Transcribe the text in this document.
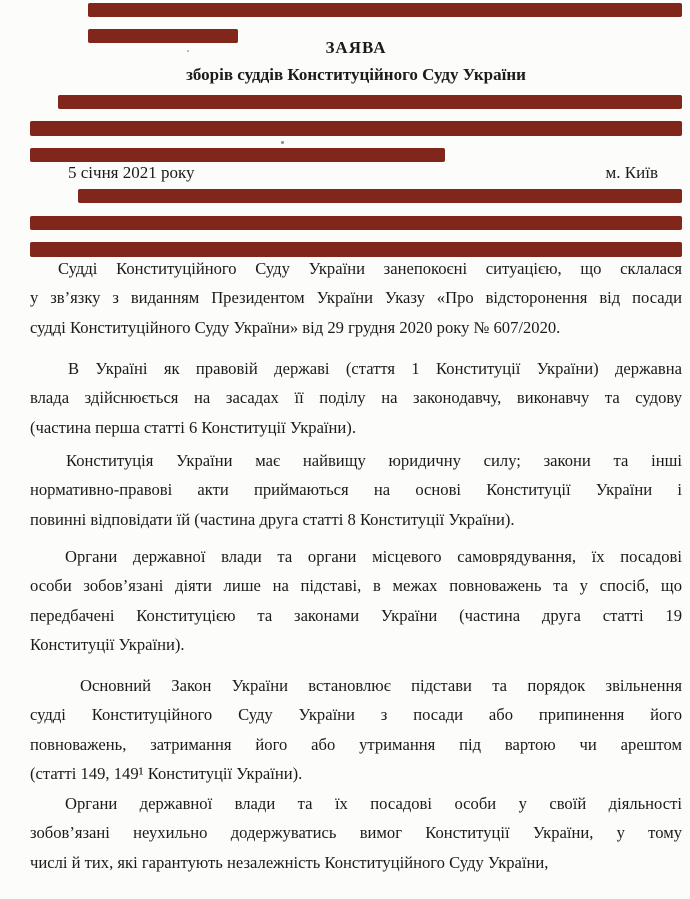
ЗАЯВА
зборів суддів Конституційного Суду України
5 січня 2021 року	м. Київ
Судді Конституційного Суду України занепокоєні ситуацією, що склалася
у зв’язку з виданням Президентом України Указу «Про відсторонення від посади
судді Конституційного Суду України» від 29 грудня 2020 року № 607/2020.
В Україні як правовій державі (стаття 1 Конституції України) державна
влада здійснюється на засадах її поділу на законодавчу, виконавчу та судову
(частина перша статті 6 Конституції України).
Конституція України має найвищу юридичну силу; закони та інші
нормативно-правові акти приймаються на основі Конституції України і
повинні відповідати їй (частина друга статті 8 Конституції України).
Органи державної влади та органи місцевого самоврядування, їх посадові
особи зобов’язані діяти лише на підставі, в межах повноважень та у спосіб, що
передбачені Конституцією та законами України (частина друга статті 19
Конституції України).
Основний Закон України встановлює підстави та порядок звільнення
судді Конституційного Суду України з посади або припинення його
повноважень, затримання його або утримання під вартою чи арештом
(статті 149, 149¹ Конституції України).
Органи державної влади та їх посадові особи у своїй діяльності
зобов’язані неухильно додержуватись вимог Конституції України, у тому
числі й тих, які гарантують незалежність Конституційного Суду України,
